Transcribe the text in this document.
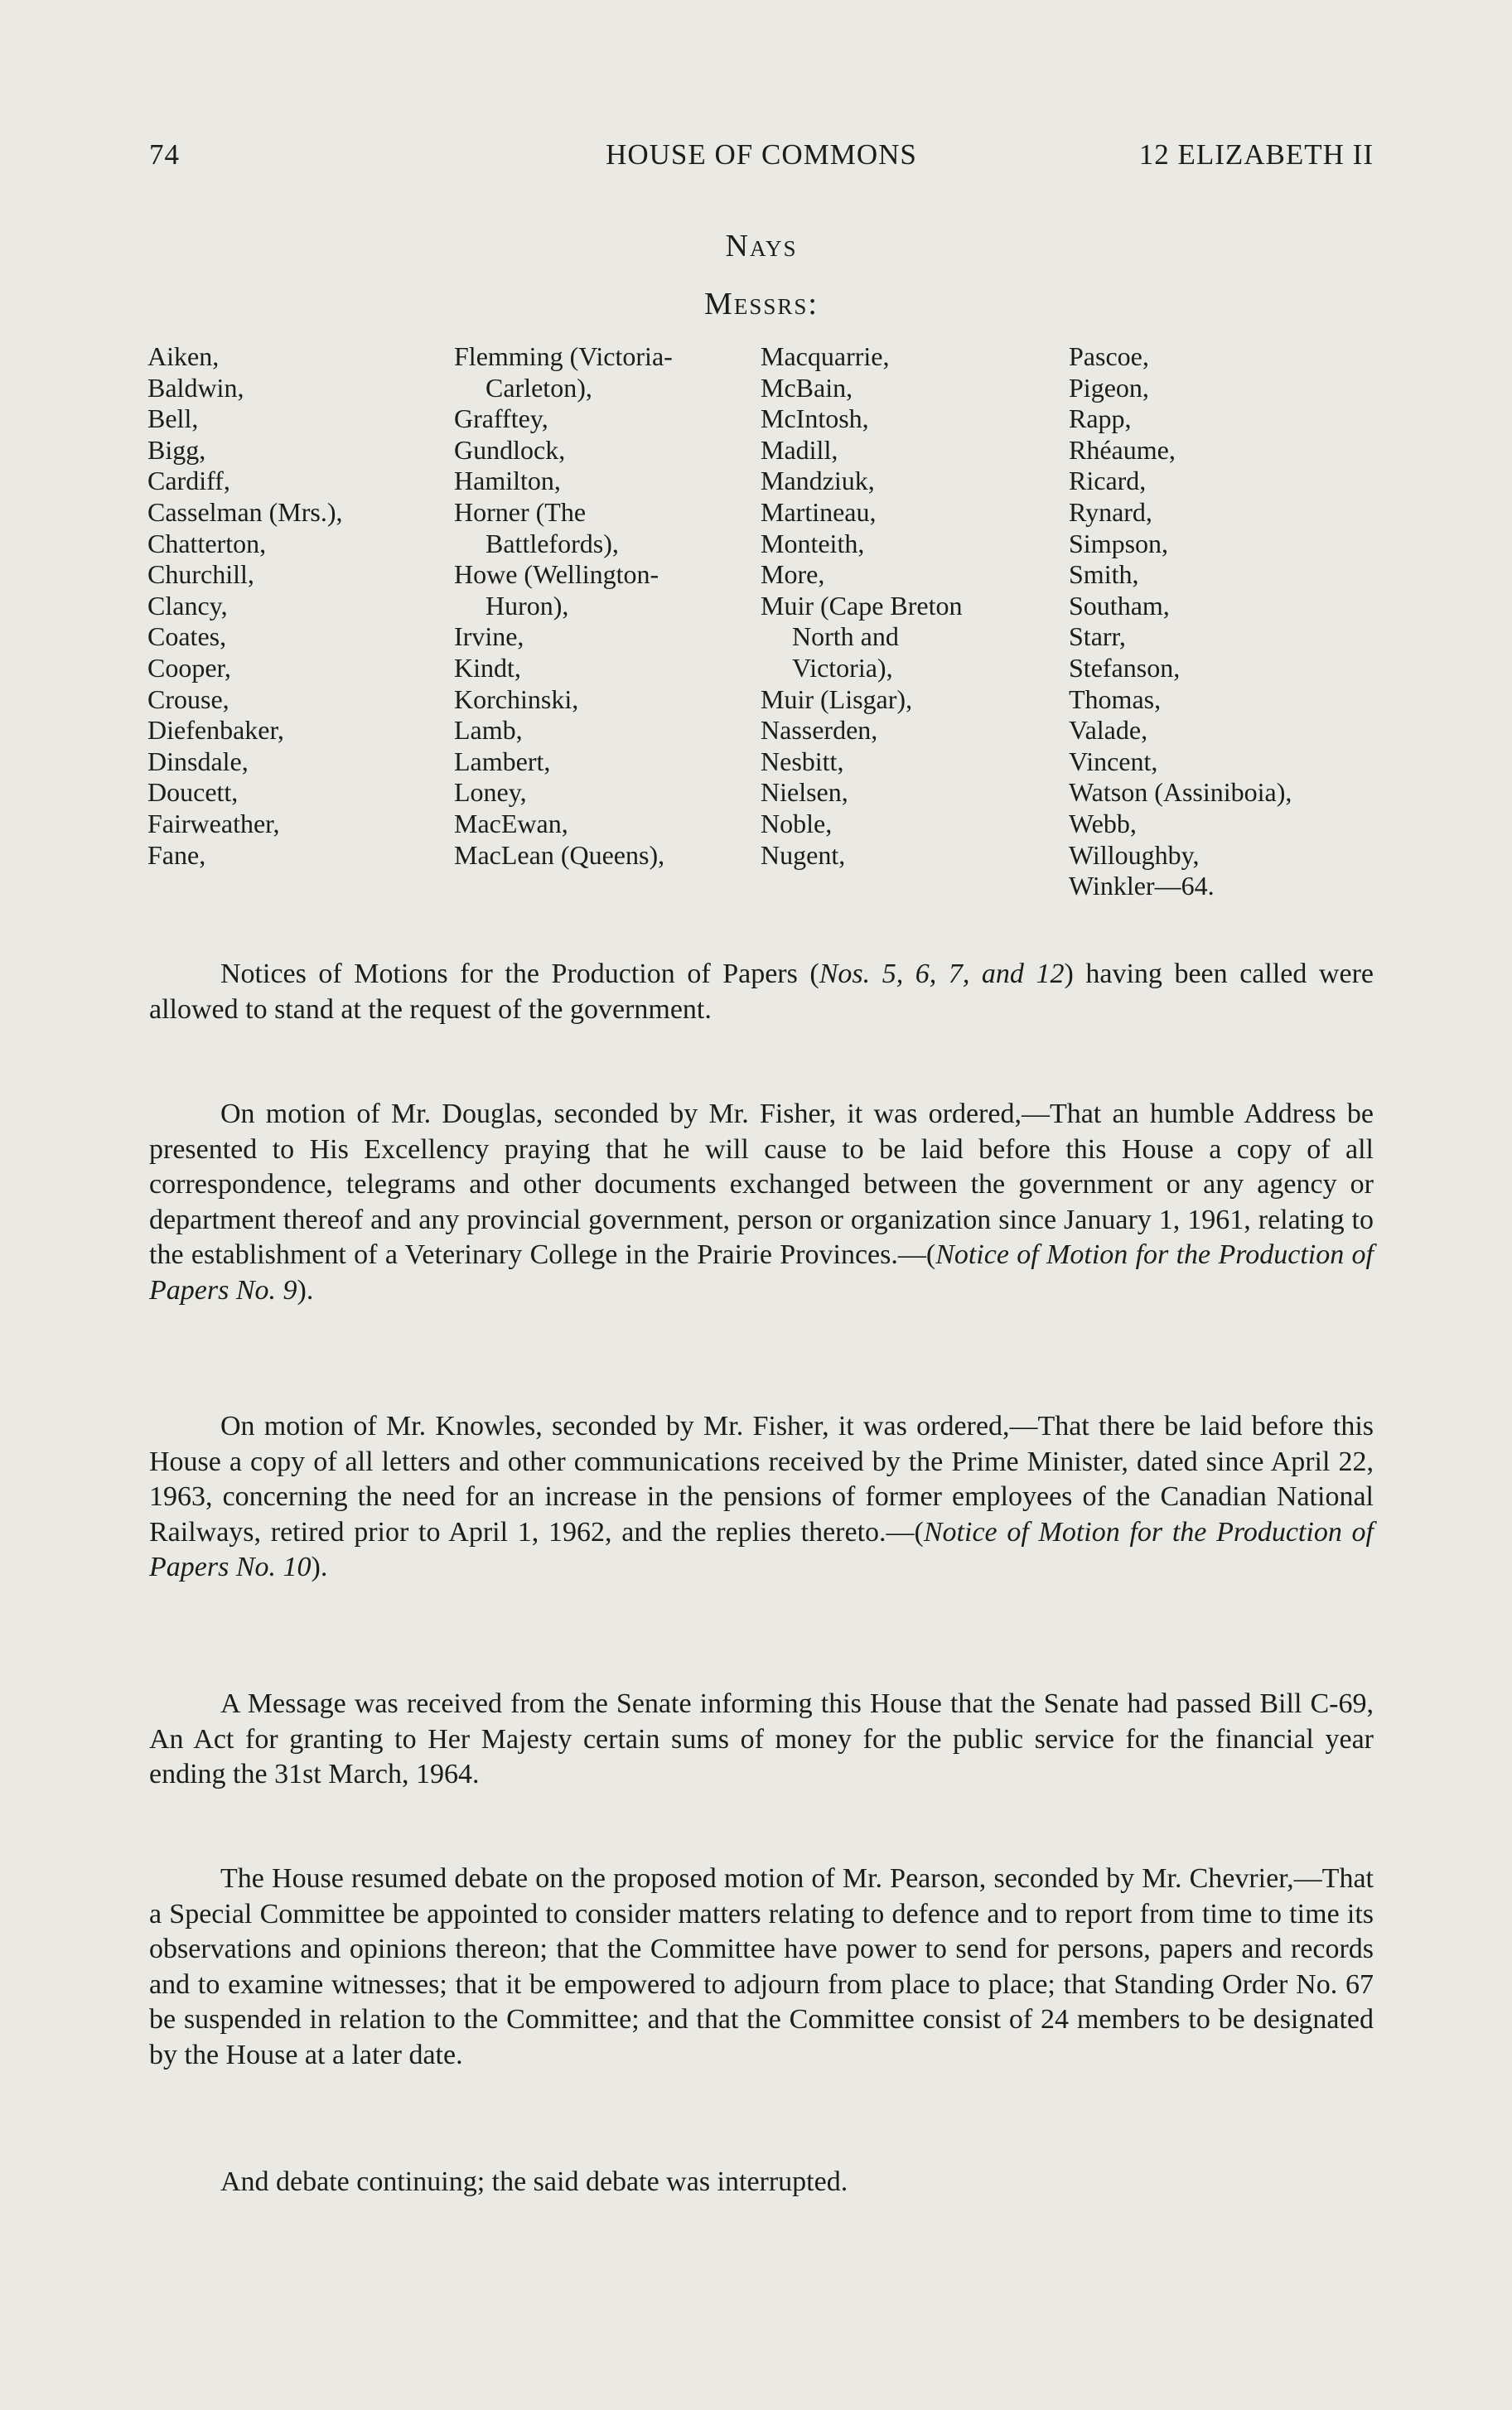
HOUSE OF COMMONS
74	12 ELIZABETH II
Nays
Messrs:
Aiken,
Baldwin,
Bell,
Bigg,
Cardiff,
Casselman (Mrs.),
Chatterton,
Churchill,
Clancy,
Coates,
Cooper,
Crouse,
Diefenbaker,
Dinsdale,
Doucett,
Fairweather,
Fane,
Flemming (Victoria-
Carleton),
Grafftey,
Gundlock,
Hamilton,
Horner (The
Battlefords),
Howe (Wellington-
Huron),
Irvine,
Kindt,
Korchinski,
Lamb,
Lambert,
Loney,
MacEwan,
MacLean (Queens),
Macquarrie,
McBain,
McIntosh,
Madill,
Mandziuk,
Martineau,
Monteith,
More,
Muir (Cape Breton
North and
Victoria),
Muir (Lisgar),
Nasserden,
Nesbitt,
Nielsen,
Noble,
Nugent,
Pascoe,
Pigeon,
Rapp,
Rhéaume,
Ricard,
Rynard,
Simpson,
Smith,
Southam,
Starr,
Stefanson,
Thomas,
Valade,
Vincent,
Watson (Assiniboia),
Webb,
Willoughby,
Winkler—64.

Notices of Motions for the Production of Papers (Nos. 5, 6, 7, and 12) having been called were allowed to stand at the request of the government.

On motion of Mr. Douglas, seconded by Mr. Fisher, it was ordered,—That an humble Address be presented to His Excellency praying that he will cause to be laid before this House a copy of all correspondence, telegrams and other documents exchanged between the government or any agency or department thereof and any provincial government, person or organization since January 1, 1961, relating to the establishment of a Veterinary College in the Prairie Provinces.—(Notice of Motion for the Production of Papers No. 9).

On motion of Mr. Knowles, seconded by Mr. Fisher, it was ordered,—That there be laid before this House a copy of all letters and other communications received by the Prime Minister, dated since April 22, 1963, concerning the need for an increase in the pensions of former employees of the Canadian National Railways, retired prior to April 1, 1962, and the replies thereto.—(Notice of Motion for the Production of Papers No. 10).

A Message was received from the Senate informing this House that the Senate had passed Bill C-69, An Act for granting to Her Majesty certain sums of money for the public service for the financial year ending the 31st March, 1964.

The House resumed debate on the proposed motion of Mr. Pearson, seconded by Mr. Chevrier,—That a Special Committee be appointed to consider matters relating to defence and to report from time to time its observations and opinions thereon; that the Committee have power to send for persons, papers and records and to examine witnesses; that it be empowered to adjourn from place to place; that Standing Order No. 67 be suspended in relation to the Committee; and that the Committee consist of 24 members to be designated by the House at a later date.

And debate continuing; the said debate was interrupted.
